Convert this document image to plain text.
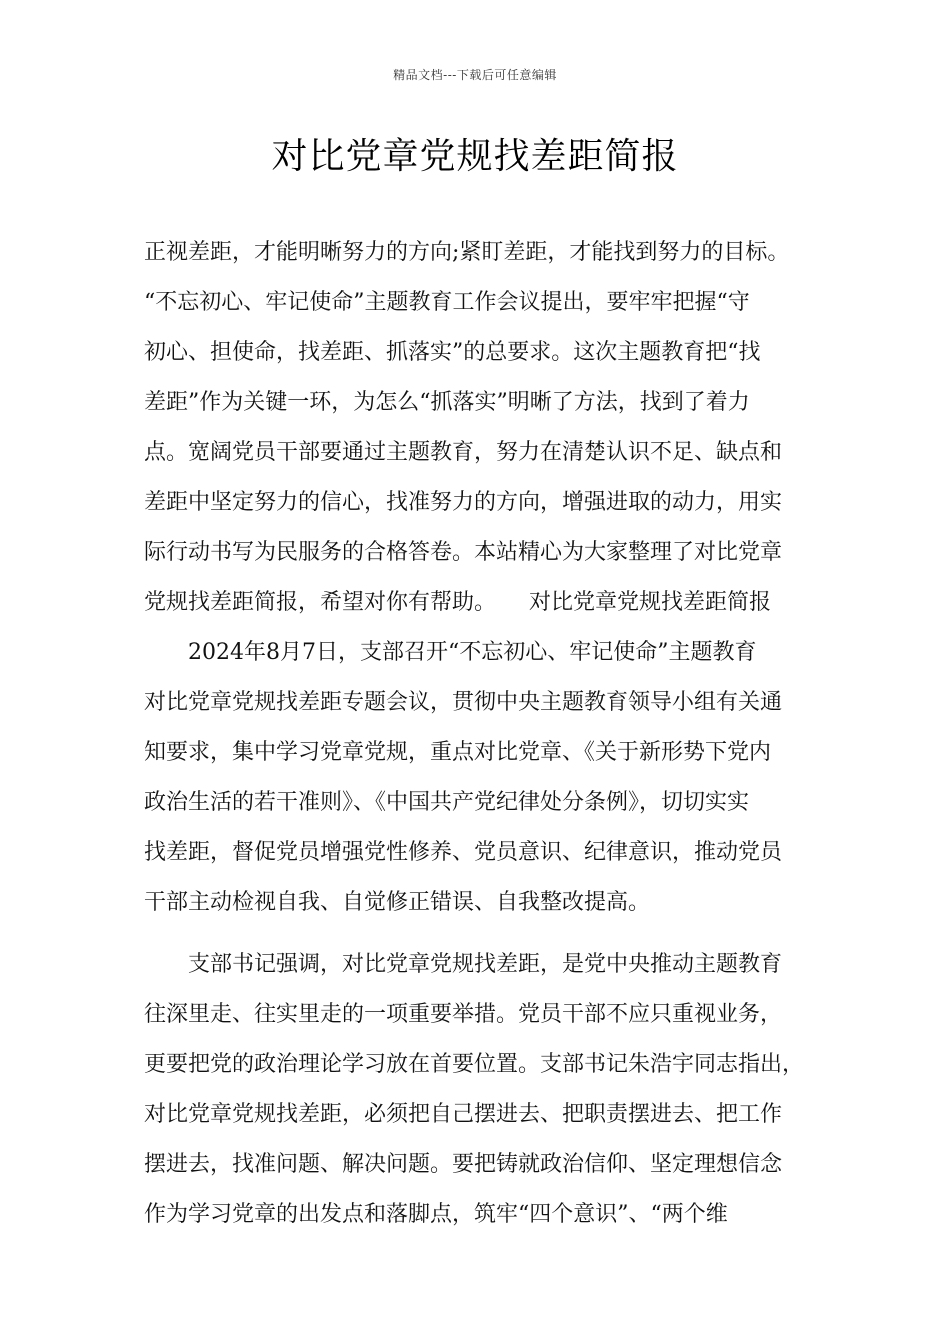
精品文档---下载后可任意编辑
对比党章党规找差距简报
正视差距，才能明晰努力的方向;紧盯差距，才能找到努力的目标。
“不忘初心、牢记使命”主题教育工作会议提出，要牢牢把握“守
初心、担使命，找差距、抓落实”的总要求。这次主题教育把“找
差距”作为关键一环，为怎么“抓落实”明晰了方法，找到了着力
点。宽阔党员干部要通过主题教育，努力在清楚认识不足、缺点和
差距中坚定努力的信心，找准努力的方向，增强进取的动力，用实
际行动书写为民服务的合格答卷。本站精心为大家整理了对比党章
党规找差距简报，希望对你有帮助。　　对比党章党规找差距简报
2024年8月7日，支部召开“不忘初心、牢记使命”主题教育
对比党章党规找差距专题会议，贯彻中央主题教育领导小组有关通
知要求，集中学习党章党规，重点对比党章、《关于新形势下党内
政治生活的若干准则》、《中国共产党纪律处分条例》，切切实实
找差距，督促党员增强党性修养、党员意识、纪律意识，推动党员
干部主动检视自我、自觉修正错误、自我整改提高。
支部书记强调，对比党章党规找差距，是党中央推动主题教育
往深里走、往实里走的一项重要举措。党员干部不应只重视业务，
更要把党的政治理论学习放在首要位置。支部书记朱浩宇同志指出，
对比党章党规找差距，必须把自己摆进去、把职责摆进去、把工作
摆进去，找准问题、解决问题。要把铸就政治信仰、坚定理想信念
作为学习党章的出发点和落脚点，筑牢“四个意识”、“两个维
